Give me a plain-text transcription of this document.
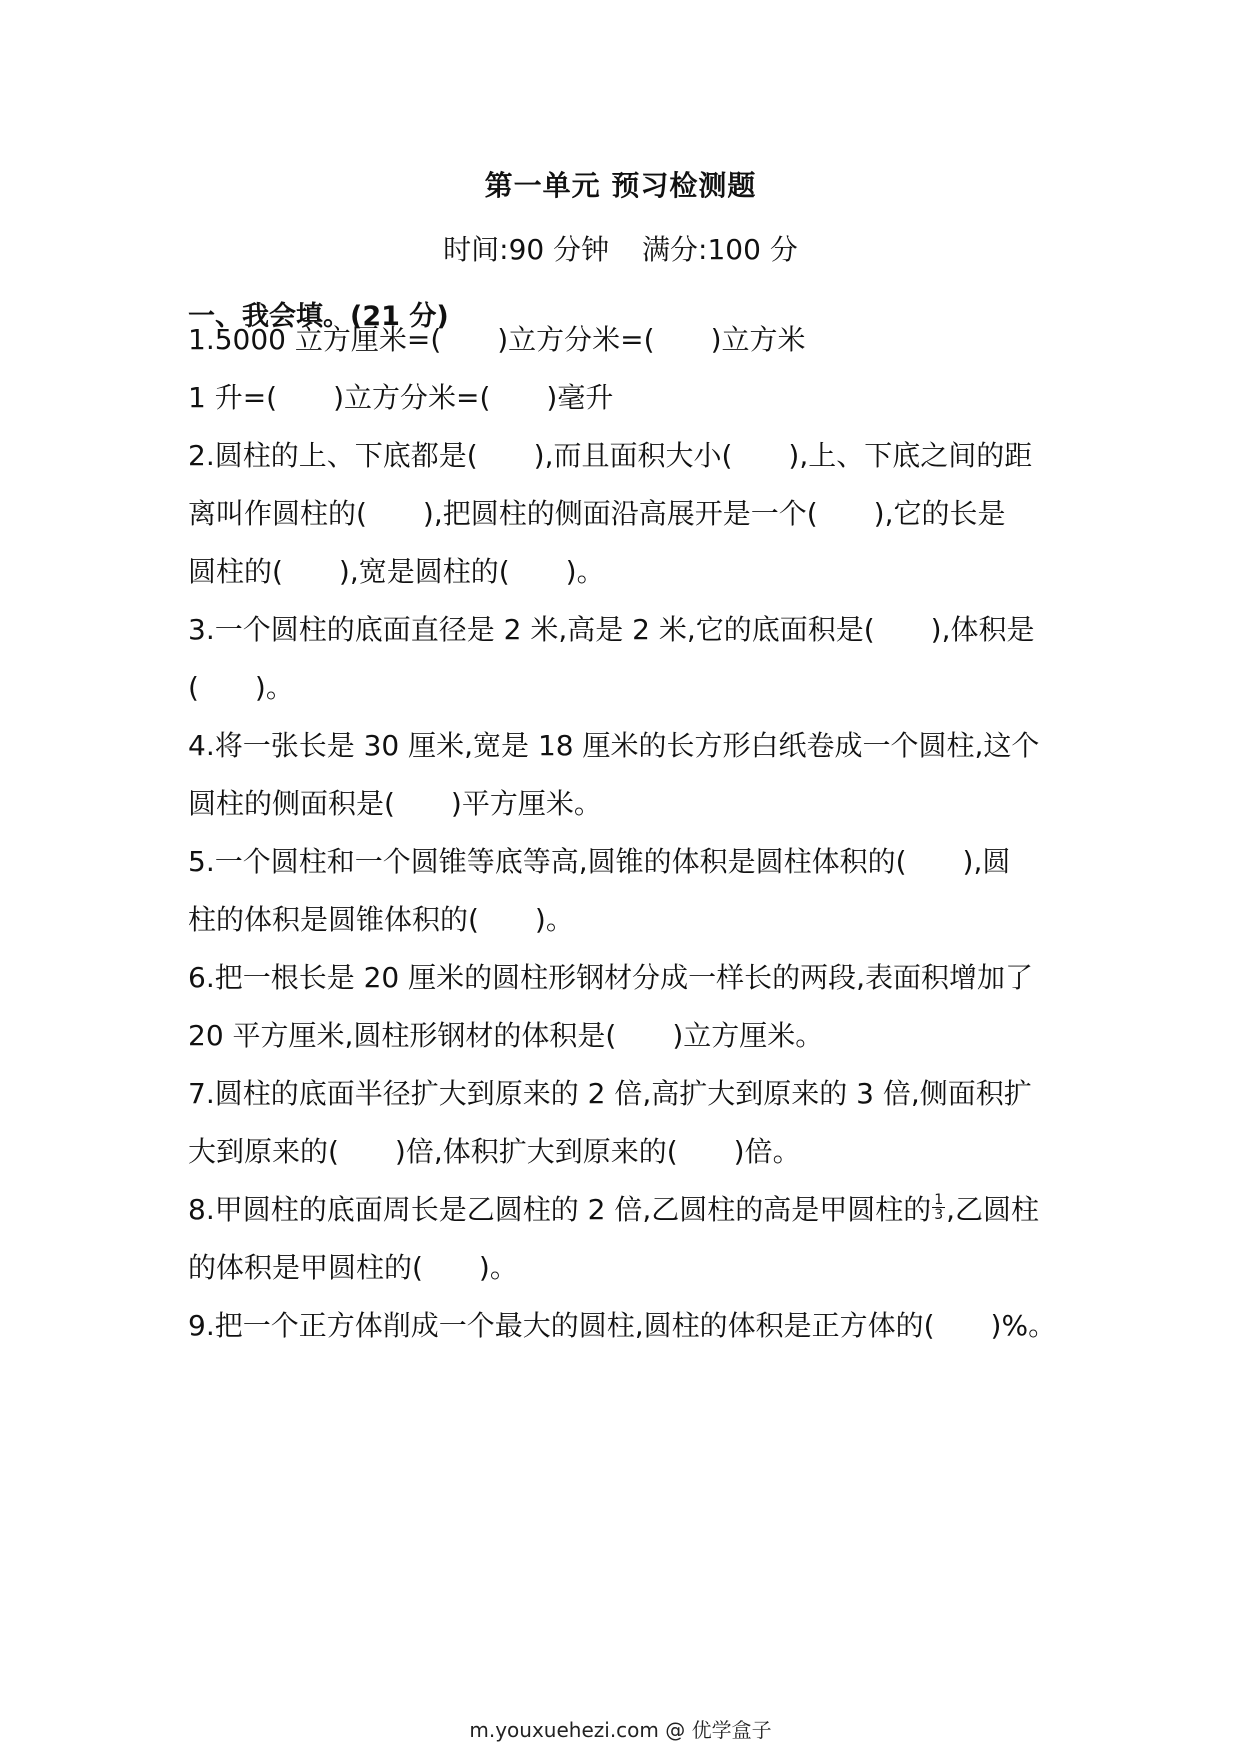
第一单元 预习检测题
时间:90 分钟 满分:100 分
一、我会填。(21 分)
1.5000 立方厘米=(　　)立方分米=(　　)立方米
1 升=(　　)立方分米=(　　)毫升
2.圆柱的上、下底都是(　　),而且面积大小(　　),上、下底之间的距
离叫作圆柱的(　　),把圆柱的侧面沿高展开是一个(　　),它的长是
圆柱的(　　),宽是圆柱的(　　)。
3.一个圆柱的底面直径是 2 米,高是 2 米,它的底面积是(　　),体积是
(　　)。
4.将一张长是 30 厘米,宽是 18 厘米的长方形白纸卷成一个圆柱,这个
圆柱的侧面积是(　　)平方厘米。
5.一个圆柱和一个圆锥等底等高,圆锥的体积是圆柱体积的(　　),圆
柱的体积是圆锥体积的(　　)。
6.把一根长是 20 厘米的圆柱形钢材分成一样长的两段,表面积增加了
20 平方厘米,圆柱形钢材的体积是(　　)立方厘米。
7.圆柱的底面半径扩大到原来的 2 倍,高扩大到原来的 3 倍,侧面积扩
大到原来的(　　)倍,体积扩大到原来的(　　)倍。
8.甲圆柱的底面周长是乙圆柱的 2 倍,乙圆柱的高是甲圆柱的 $\frac{1}{3}$ ,乙圆柱
的体积是甲圆柱的(　　)。
9.把一个正方体削成一个最大的圆柱,圆柱的体积是正方体的(　　)%。
m.youxuehezi.com @ 优学盒子
